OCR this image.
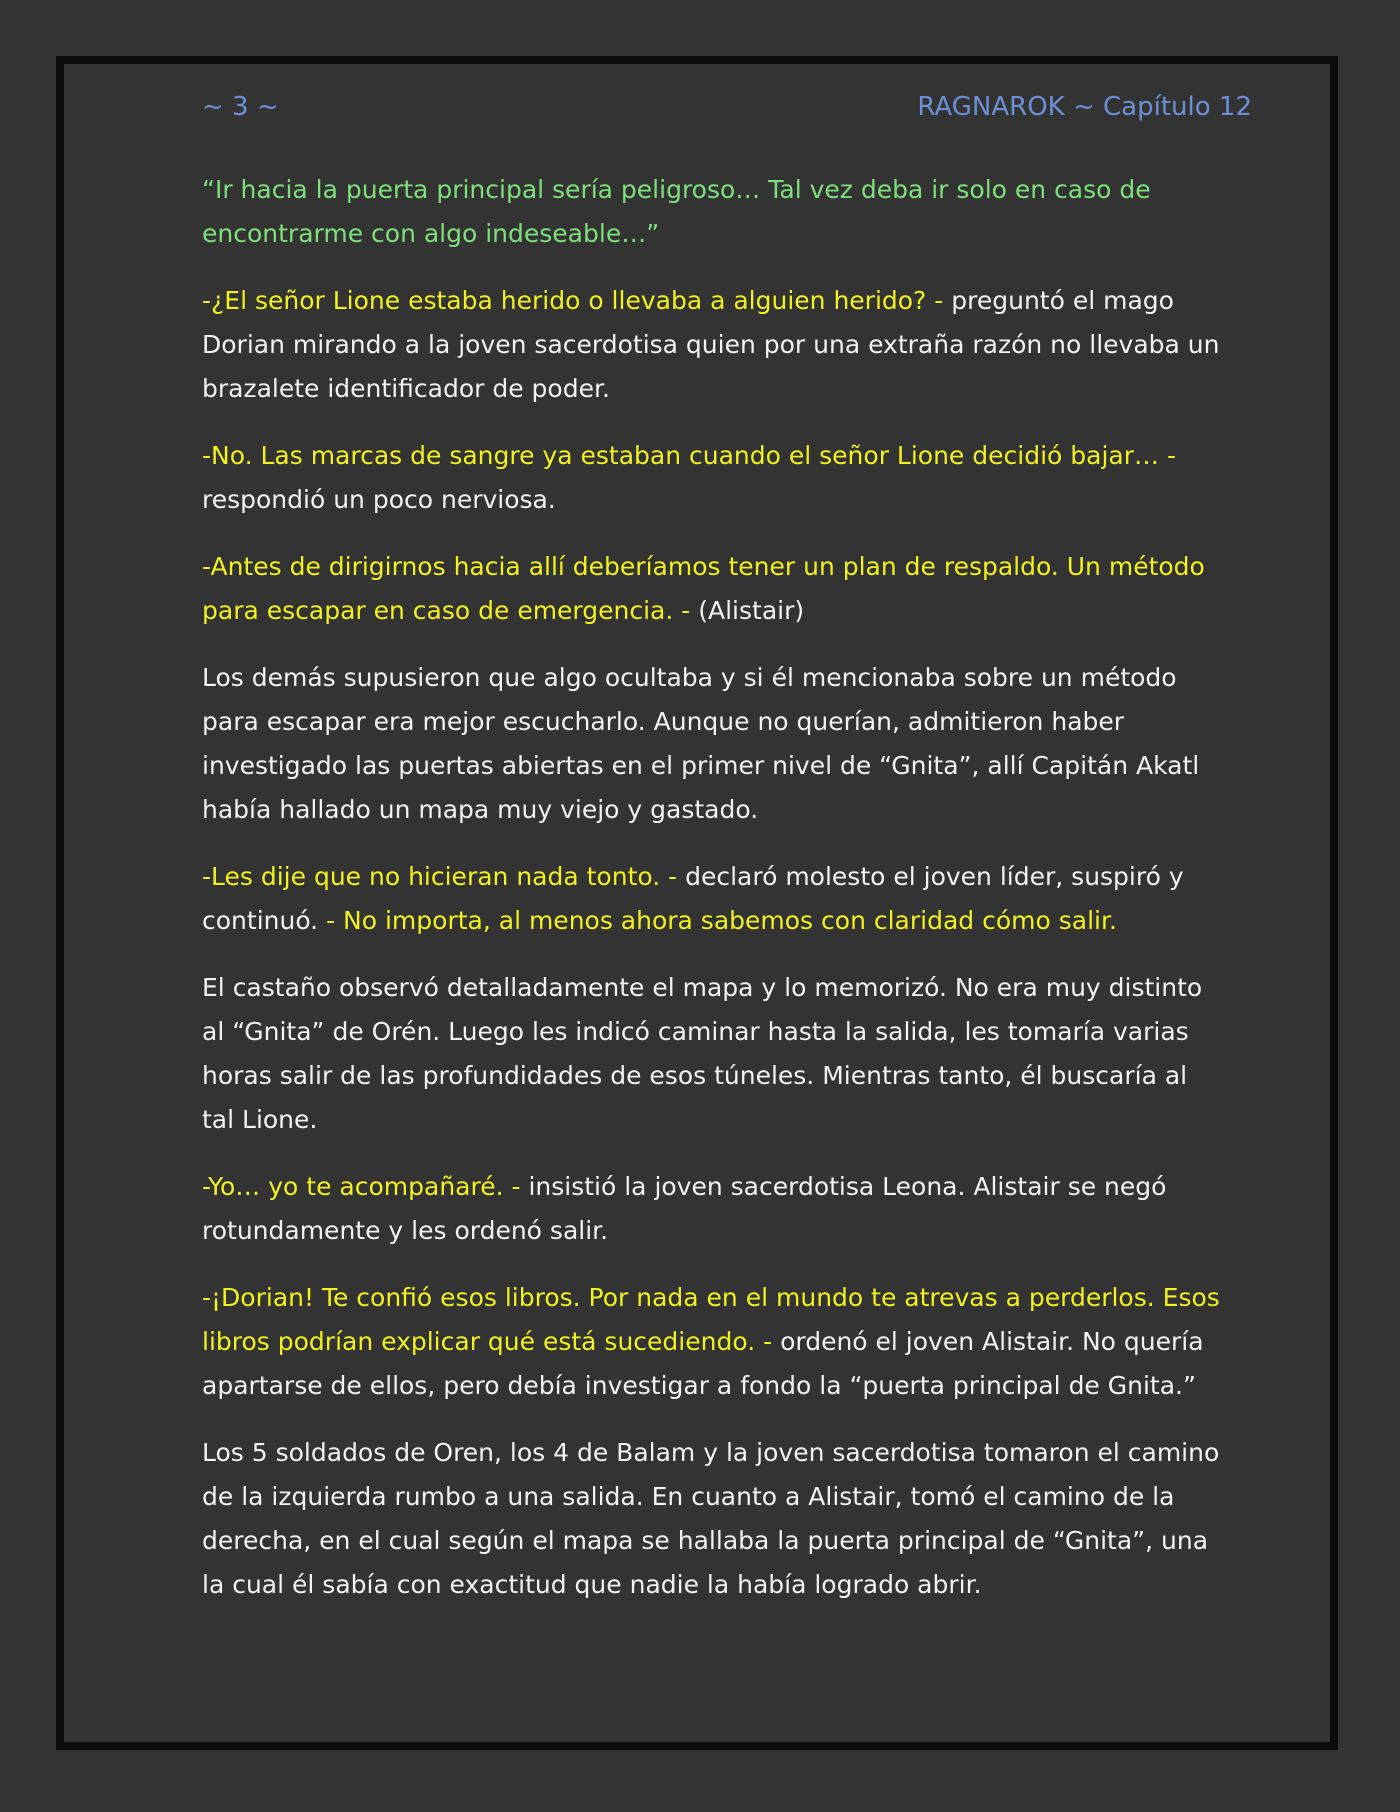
~ 3 ~	RAGNAROK ~ Capítulo 12

“Ir hacia la puerta principal sería peligroso… Tal vez deba ir solo en caso de encontrarme con algo indeseable…”

-¿El señor Lione estaba herido o llevaba a alguien herido? - preguntó el mago Dorian mirando a la joven sacerdotisa quien por una extraña razón no llevaba un brazalete identificador de poder.

-No. Las marcas de sangre ya estaban cuando el señor Lione decidió bajar… - respondió un poco nerviosa.

-Antes de dirigirnos hacia allí deberíamos tener un plan de respaldo. Un método para escapar en caso de emergencia. - (Alistair)

Los demás supusieron que algo ocultaba y si él mencionaba sobre un método para escapar era mejor escucharlo. Aunque no querían, admitieron haber investigado las puertas abiertas en el primer nivel de “Gnita”, allí Capitán Akatl había hallado un mapa muy viejo y gastado.

-Les dije que no hicieran nada tonto. - declaró molesto el joven líder, suspiró y continuó. - No importa, al menos ahora sabemos con claridad cómo salir.

El castaño observó detalladamente el mapa y lo memorizó. No era muy distinto al “Gnita” de Orén. Luego les indicó caminar hasta la salida, les tomaría varias horas salir de las profundidades de esos túneles. Mientras tanto, él buscaría al tal Lione.

-Yo… yo te acompañaré. - insistió la joven sacerdotisa Leona. Alistair se negó rotundamente y les ordenó salir.

-¡Dorian! Te confió esos libros. Por nada en el mundo te atrevas a perderlos. Esos libros podrían explicar qué está sucediendo. - ordenó el joven Alistair. No quería apartarse de ellos, pero debía investigar a fondo la “puerta principal de Gnita.”

Los 5 soldados de Oren, los 4 de Balam y la joven sacerdotisa tomaron el camino de la izquierda rumbo a una salida. En cuanto a Alistair, tomó el camino de la derecha, en el cual según el mapa se hallaba la puerta principal de “Gnita”, una la cual él sabía con exactitud que nadie la había logrado abrir.
